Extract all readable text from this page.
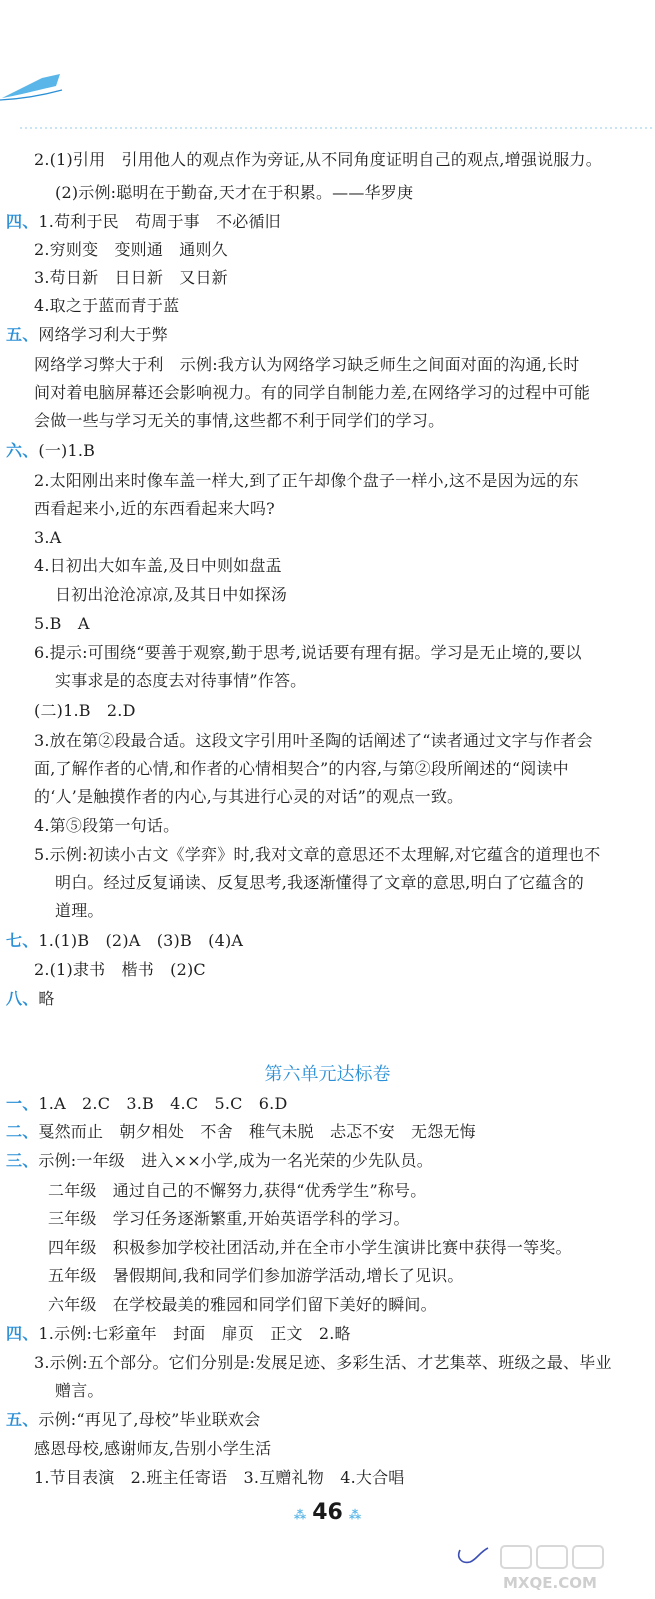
2.(1)引用　引用他人的观点作为旁证,从不同角度证明自己的观点,增强说服力。
(2)示例:聪明在于勤奋,天才在于积累。——华罗庚
四、1.苟利于民　苟周于事　不必循旧
2.穷则变　变则通　通则久
3.苟日新　日日新　又日新
4.取之于蓝而青于蓝
五、网络学习利大于弊
网络学习弊大于利　示例:我方认为网络学习缺乏师生之间面对面的沟通,长时
间对着电脑屏幕还会影响视力。有的同学自制能力差,在网络学习的过程中可能
会做一些与学习无关的事情,这些都不利于同学们的学习。
六、(一)1.B
2.太阳刚出来时像车盖一样大,到了正午却像个盘子一样小,这不是因为远的东
西看起来小,近的东西看起来大吗?
3.A
4.日初出大如车盖,及日中则如盘盂
日初出沧沧凉凉,及其日中如探汤
5.B　A
6.提示:可围绕“要善于观察,勤于思考,说话要有理有据。学习是无止境的,要以
实事求是的态度去对待事情”作答。
(二)1.B　2.D
3.放在第②段最合适。这段文字引用叶圣陶的话阐述了“读者通过文字与作者会
面,了解作者的心情,和作者的心情相契合”的内容,与第②段所阐述的“阅读中
的‘人’是触摸作者的内心,与其进行心灵的对话”的观点一致。
4.第⑤段第一句话。
5.示例:初读小古文《学弈》时,我对文章的意思还不太理解,对它蕴含的道理也不
明白。经过反复诵读、反复思考,我逐渐懂得了文章的意思,明白了它蕴含的
道理。
七、1.(1)B　(2)A　(3)B　(4)A
2.(1)隶书　楷书　(2)C
八、略
一、1.A　2.C　3.B　4.C　5.C　6.D
二、戛然而止　朝夕相处　不舍　稚气未脱　忐忑不安　无怨无悔
三、示例:一年级　进入××小学,成为一名光荣的少先队员。
二年级　通过自己的不懈努力,获得“优秀学生”称号。
三年级　学习任务逐渐繁重,开始英语学科的学习。
四年级　积极参加学校社团活动,并在全市小学生演讲比赛中获得一等奖。
五年级　暑假期间,我和同学们参加游学活动,增长了见识。
六年级　在学校最美的雅园和同学们留下美好的瞬间。
四、1.示例:七彩童年　封面　扉页　正文　2.略
3.示例:五个部分。它们分别是:发展足迹、多彩生活、才艺集萃、班级之最、毕业
赠言。
五、示例:“再见了,母校”毕业联欢会
感恩母校,感谢师友,告别小学生活
1.节目表演　2.班主任寄语　3.互赠礼物　4.大合唱
第六单元达标卷
⁂ 46 ⁂
MXQE.COM
